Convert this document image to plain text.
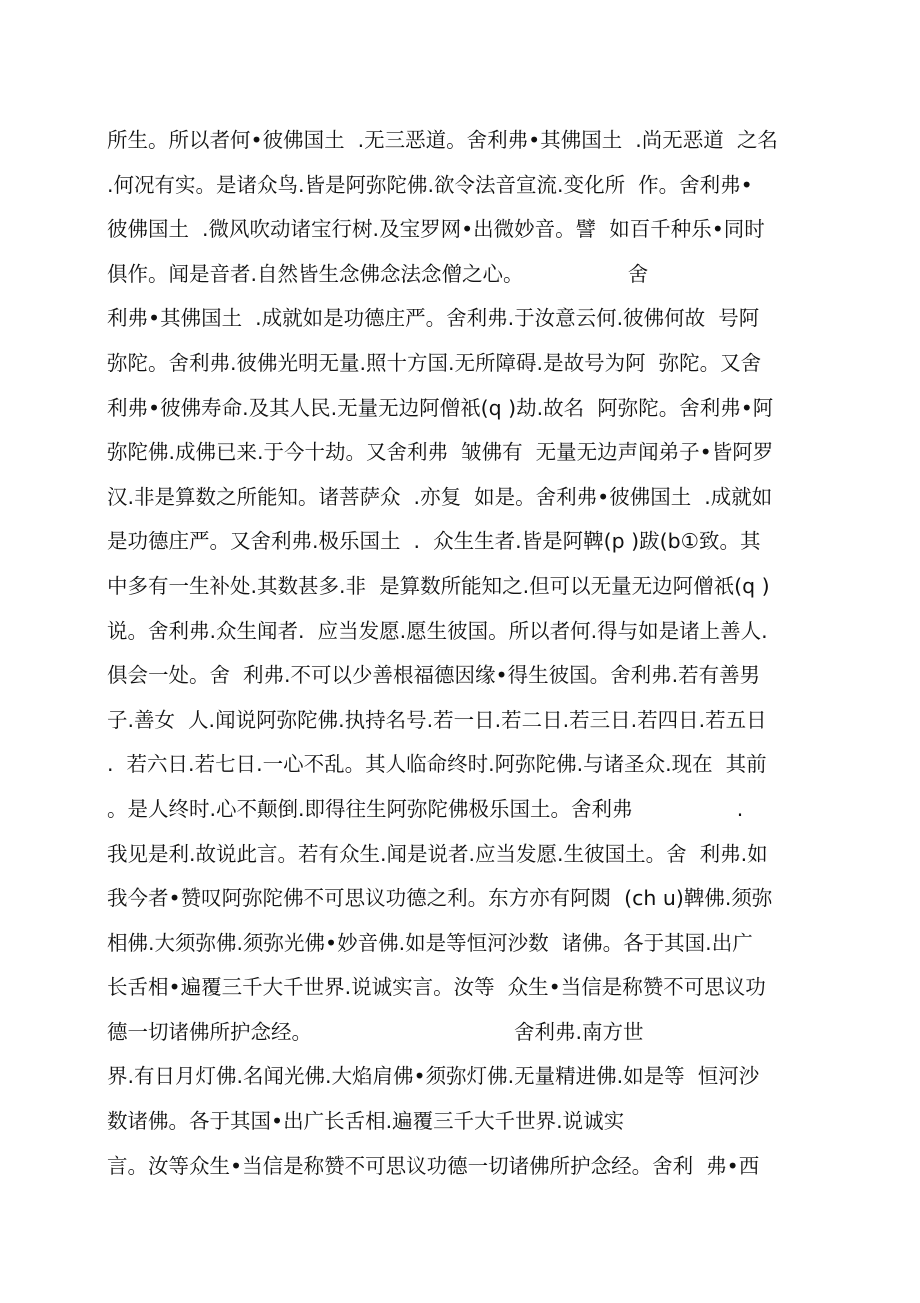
所生。所以者何•彼佛国土  .无三恶道。舍利弗•其佛国土  .尚无恶道  之名
.何况有实。是诸众鸟.皆是阿弥陀佛.欲令法音宣流.变化所  作。舍利弗•
彼佛国土  .微风吹动诸宝行树.及宝罗网•出微妙音。譬  如百千种乐•同时
俱作。闻是音者.自然皆生念佛念法念僧之心。                舍
利弗•其佛国土  .成就如是功德庄严。舍利弗.于汝意云何.彼佛何故  号阿
弥陀。舍利弗.彼佛光明无量.照十方国.无所障碍.是故号为阿  弥陀。又舍
利弗•彼佛寿命.及其人民.无量无边阿僧祇(q )劫.故名  阿弥陀。舍利弗•阿
弥陀佛.成佛已来.于今十劫。又舍利弗  皱佛有  无量无边声闻弟子•皆阿罗
汉.非是算数之所能知。诸菩萨众  .亦复  如是。舍利弗•彼佛国土  .成就如
是功德庄严。又舍利弗.极乐国土  .  众生生者.皆是阿鞞(p )跋(b①致。其
中多有一生补处.其数甚多.非  是算数所能知之.但可以无量无边阿僧祇(q )
说。舍利弗.众生闻者.  应当发愿.愿生彼国。所以者何.得与如是诸上善人.
俱会一处。舍  利弗.不可以少善根福德因缘•得生彼国。舍利弗.若有善男
子.善女  人.闻说阿弥陀佛.执持名号.若一日.若二日.若三日.若四日.若五日
.  若六日.若七日.一心不乱。其人临命终时.阿弥陀佛.与诸圣众.现在  其前
。是人终时.心不颠倒.即得往生阿弥陀佛极乐国土。舍利弗                .
我见是利.故说此言。若有众生.闻是说者.应当发愿.生彼国土。舍  利弗.如
我今者•赞叹阿弥陀佛不可思议功德之利。东方亦有阿閦  (ch u)鞞佛.须弥
相佛.大须弥佛.须弥光佛•妙音佛.如是等恒河沙数  诸佛。各于其国.出广
长舌相•遍覆三千大千世界.说诚实言。汝等  众生•当信是称赞不可思议功
德一切诸佛所护念经。                               舍利弗.南方世
界.有日月灯佛.名闻光佛.大焰肩佛•须弥灯佛.无量精进佛.如是等  恒河沙
数诸佛。各于其国•出广长舌相.遍覆三千大千世界.说诚实
言。汝等众生•当信是称赞不可思议功德一切诸佛所护念经。舍利  弗•西
